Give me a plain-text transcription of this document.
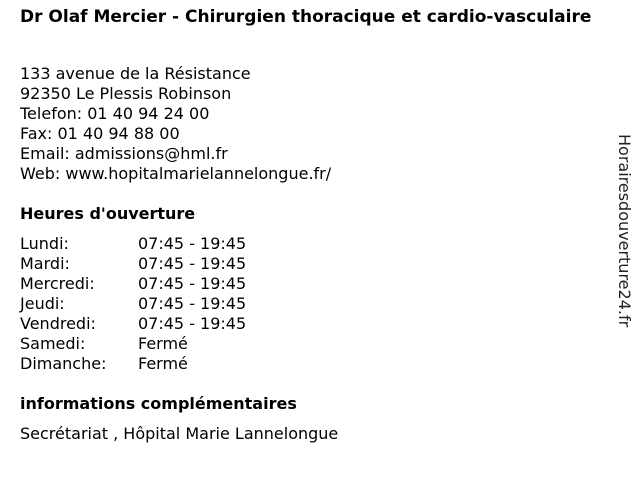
Dr Olaf Mercier - Chirurgien thoracique et cardio-vasculaire
133 avenue de la Résistance
92350 Le Plessis Robinson
Telefon: 01 40 94 24 00
Fax: 01 40 94 88 00
Email: admissions@hml.fr
Web: www.hopitalmarielannelongue.fr/
Heures d'ouverture
Lundi:	07:45 - 19:45
Mardi:	07:45 - 19:45
Mercredi:	07:45 - 19:45
Jeudi:	07:45 - 19:45
Vendredi:	07:45 - 19:45
Samedi:	Fermé
Dimanche: Fermé
informations complémentaires
Secrétariat , Hôpital Marie Lannelongue
Horairesdouverture24.fr
